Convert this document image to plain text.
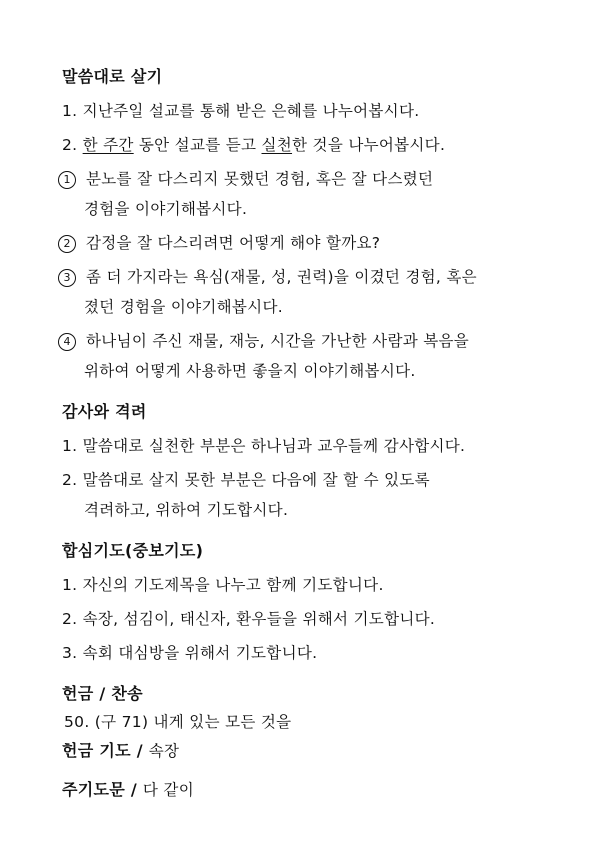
말씀대로 살기
1. 지난주일 설교를 통해 받은 은혜를 나누어봅시다.
2. 한 주간 동안 설교를 듣고 실천한 것을 나누어봅시다.
1 분노를 잘 다스리지 못했던 경험, 혹은 잘 다스렸던
경험을 이야기해봅시다.
2 감정을 잘 다스리려면 어떻게 해야 할까요?
3 좀 더 가지라는 욕심(재물, 성, 권력)을 이겼던 경험, 혹은
졌던 경험을 이야기해봅시다.
4 하나님이 주신 재물, 재능, 시간을 가난한 사람과 복음을
위하여 어떻게 사용하면 좋을지 이야기해봅시다.
감사와 격려
1. 말씀대로 실천한 부분은 하나님과 교우들께 감사합시다.
2. 말씀대로 살지 못한 부분은 다음에 잘 할 수 있도록
격려하고, 위하여 기도합시다.
합심기도(중보기도)
1. 자신의 기도제목을 나누고 함께 기도합니다.
2. 속장, 섬김이, 태신자, 환우들을 위해서 기도합니다.
3. 속회 대심방을 위해서 기도합니다.
헌금 / 찬송
50. (구 71) 내게 있는 모든 것을
헌금 기도 / 속장
주기도문 / 다 같이
